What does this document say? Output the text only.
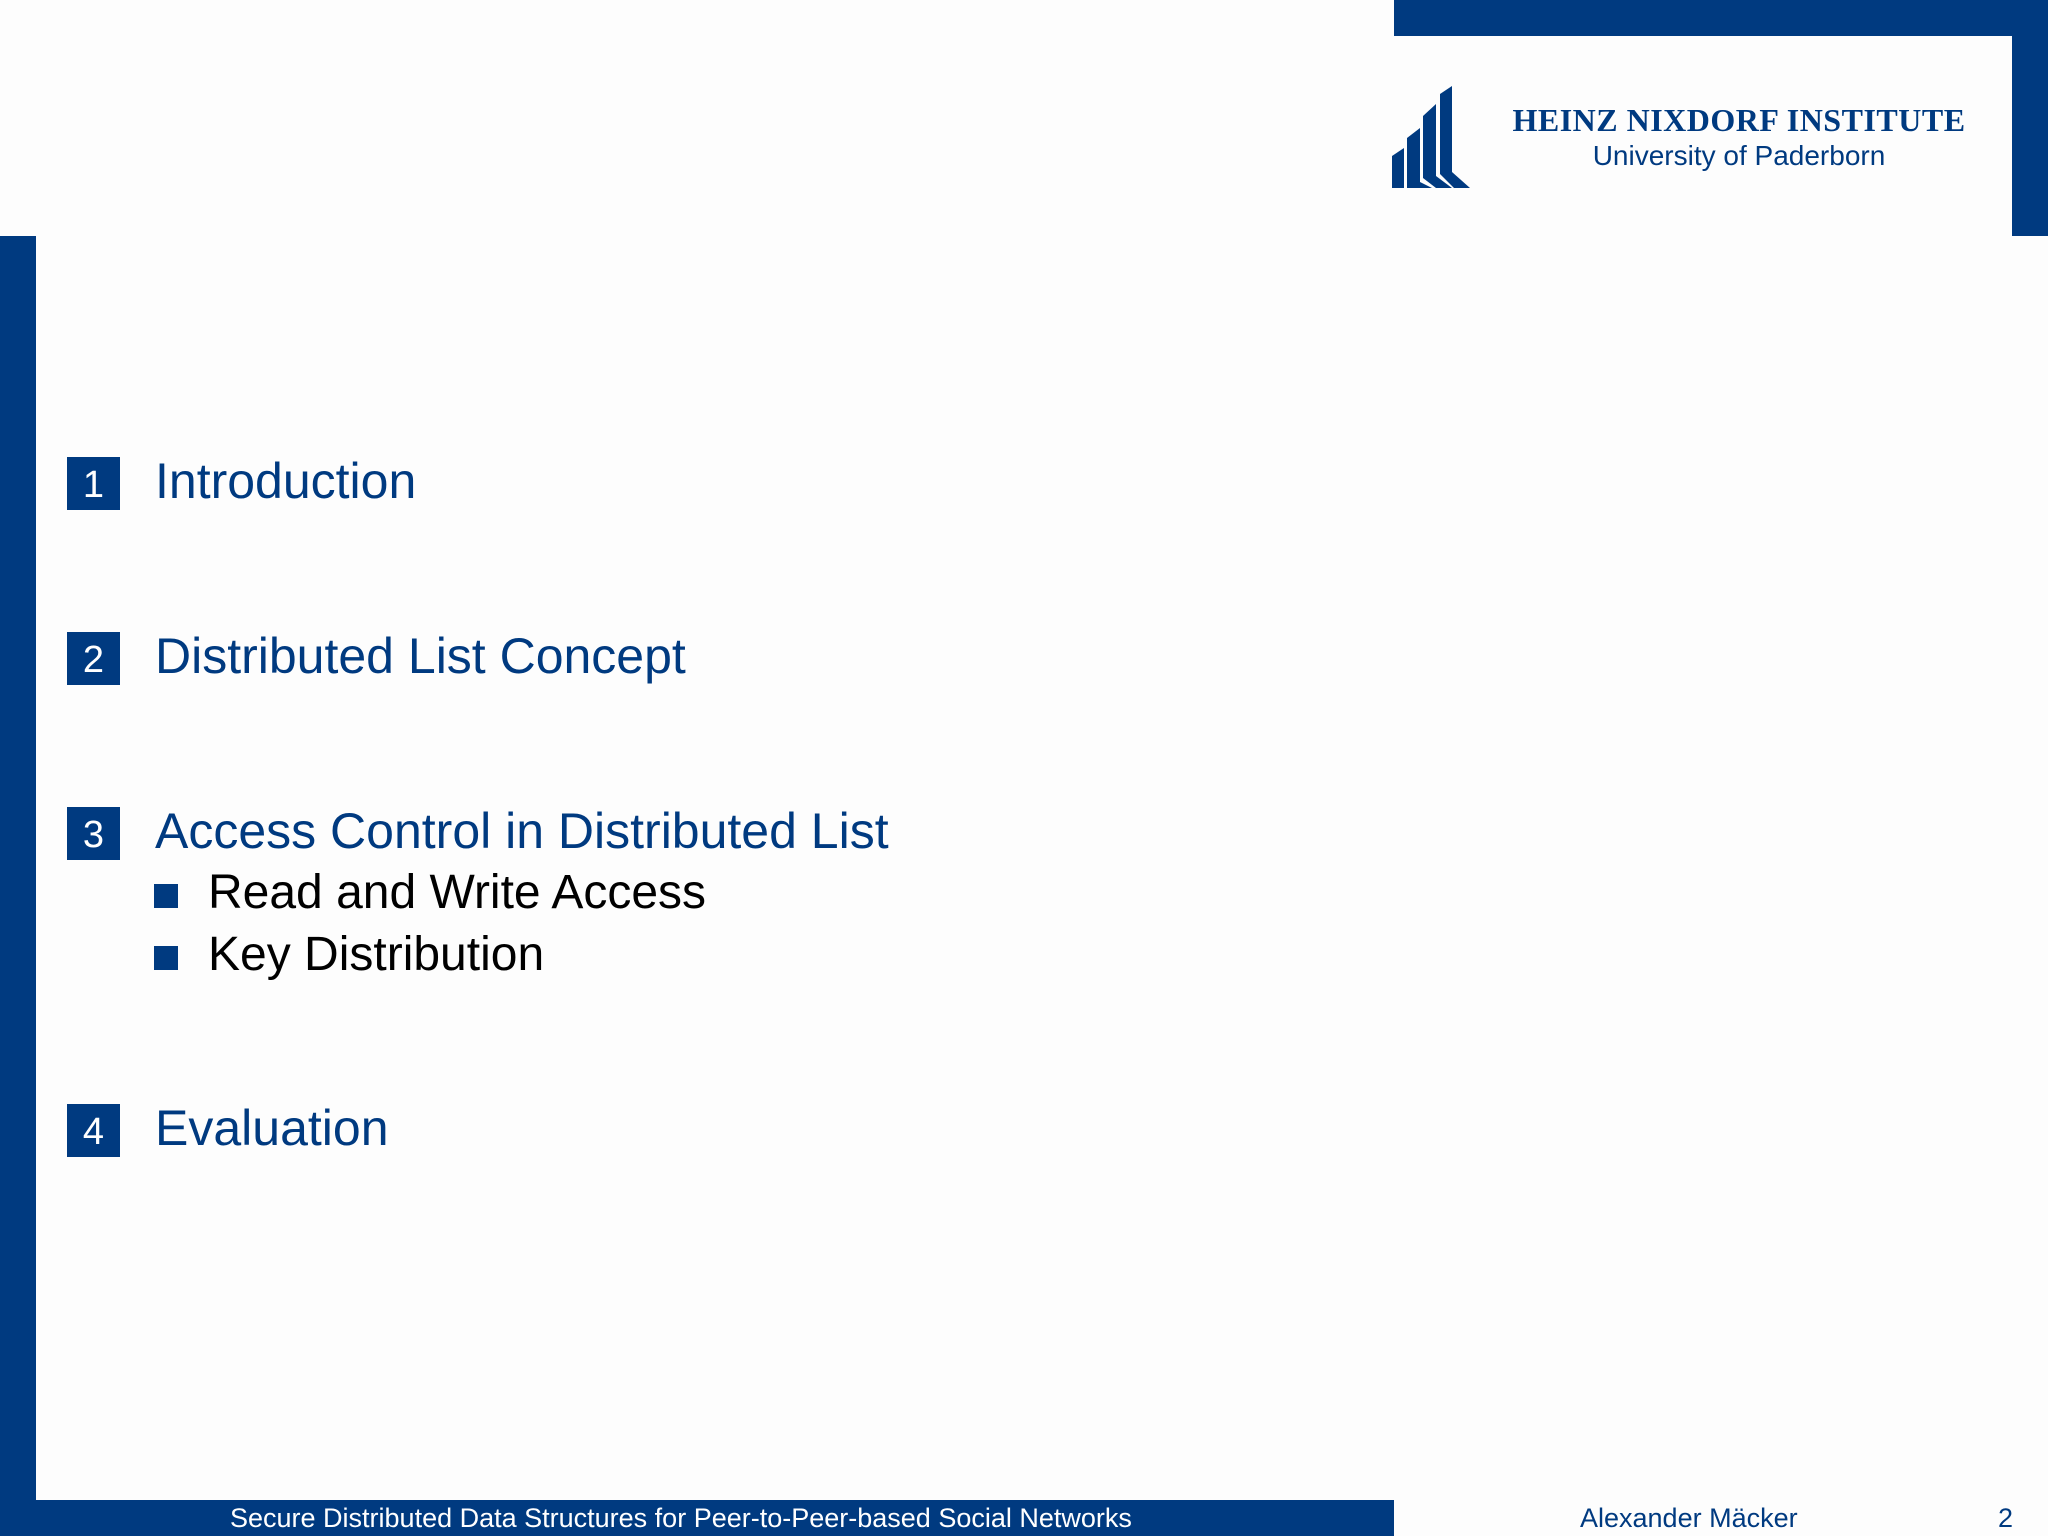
HEINZ NIXDORF INSTITUTE
University of Paderborn
1	Introduction
2	Distributed List Concept
3	Access Control in Distributed List
Read and Write Access
Key Distribution
4	Evaluation
Secure Distributed Data Structures for Peer-to-Peer-based Social Networks	Alexander Mäcker	2
